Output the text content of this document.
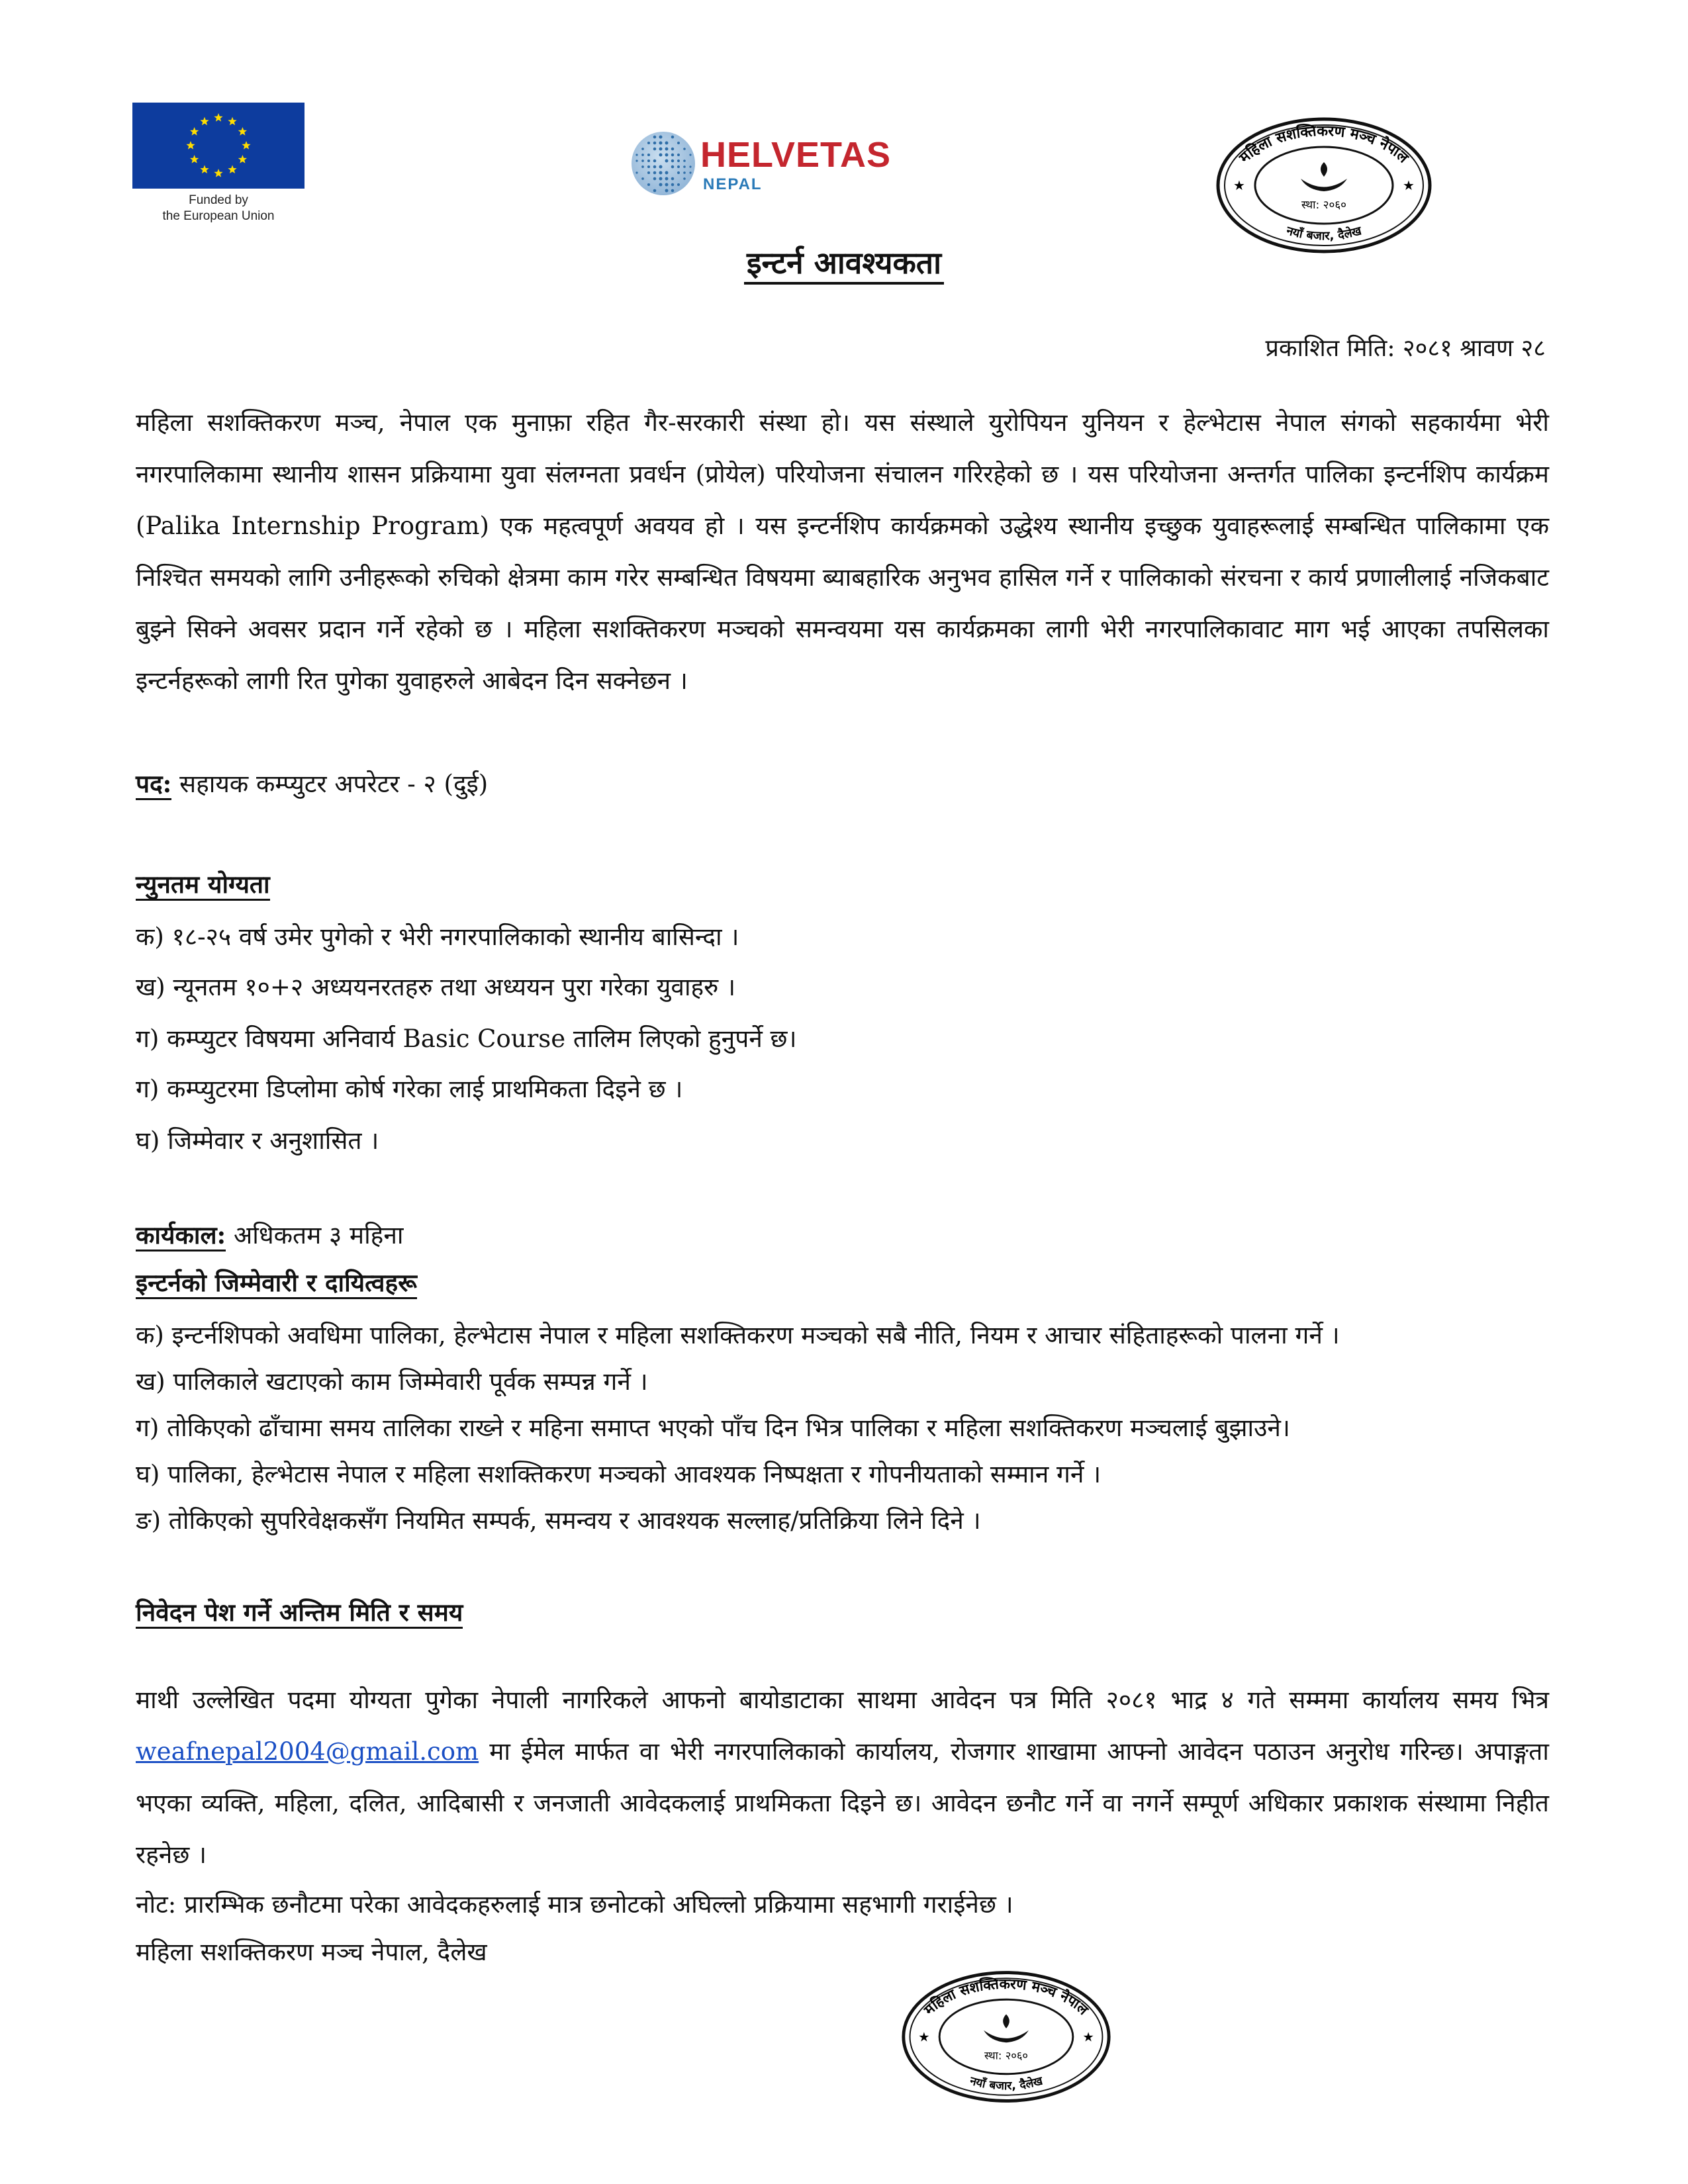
Funded by
the European Union
HELVETAS
NEPAL
महिला सशक्तिकरण मञ्च नेपाल
नयाँ बजार, दैलेख
स्था: २०६०
★	★
इन्टर्न आवश्यकता
प्रकाशित मिति: २०८१ श्रावण २८
महिला सशक्तिकरण मञ्च, नेपाल एक मुनाफ़ा रहित गैर-सरकारी संस्था हो। यस संस्थाले युरोपियन युनियन र हेल्भेटास नेपाल संगको सहकार्यमा भेरी नगरपालिकामा स्थानीय शासन प्रक्रियामा युवा संलग्नता प्रवर्धन (प्रोयेल) परियोजना संचालन गरिरहेको छ । यस परियोजना अन्तर्गत पालिका इन्टर्नशिप कार्यक्रम (Palika Internship Program) एक महत्वपूर्ण अवयव हो । यस इन्टर्नशिप कार्यक्रमको उद्धेश्य स्थानीय इच्छुक युवाहरूलाई सम्बन्धित पालिकामा एक निश्चित समयको लागि उनीहरूको रुचिको क्षेत्रमा काम गरेर सम्बन्धित विषयमा ब्याबहारिक अनुभव हासिल गर्ने र पालिकाको संरचना र कार्य प्रणालीलाई नजिकबाट बुझ्ने सिक्ने अवसर प्रदान गर्ने रहेको छ । महिला सशक्तिकरण मञ्चको समन्वयमा यस कार्यक्रमका लागी भेरी नगरपालिकावाट माग भई आएका तपसिलका इन्टर्नहरूको लागी रित पुगेका युवाहरुले आबेदन दिन सक्नेछन ।
पद: सहायक कम्प्युटर अपरेटर - २ (दुई)
न्युनतम योग्यता
क) १८-२५ वर्ष उमेर पुगेको र भेरी नगरपालिकाको स्थानीय बासिन्दा ।
ख) न्यूनतम १०+२ अध्ययनरतहरु तथा अध्ययन पुरा गरेका युवाहरु ।
ग) कम्प्युटर विषयमा अनिवार्य Basic Course तालिम लिएको हुनुपर्ने छ।
ग) कम्प्युटरमा डिप्लोमा कोर्ष गरेका लाई प्राथमिकता दिइने छ ।
घ) जिम्मेवार र अनुशासित ।
कार्यकाल: अधिकतम ३ महिना
इन्टर्नको जिम्मेवारी र दायित्वहरू
क) इन्टर्नशिपको अवधिमा पालिका, हेल्भेटास नेपाल र महिला सशक्तिकरण मञ्चको सबै नीति, नियम र आचार संहिताहरूको पालना गर्ने ।
ख) पालिकाले खटाएको काम जिम्मेवारी पूर्वक सम्पन्न गर्ने ।
ग) तोकिएको ढाँचामा समय तालिका राख्ने र महिना समाप्त भएको पाँच दिन भित्र पालिका र महिला सशक्तिकरण मञ्चलाई बुझाउने।
घ) पालिका, हेल्भेटास नेपाल र महिला सशक्तिकरण मञ्चको आवश्यक निष्पक्षता र गोपनीयताको सम्मान गर्ने ।
ङ) तोकिएको सुपरिवेक्षकसँग नियमित सम्पर्क, समन्वय र आवश्यक सल्लाह/प्रतिक्रिया लिने दिने ।
निवेदन पेश गर्ने अन्तिम मिति र समय
माथी उल्लेखित पदमा योग्यता पुगेका नेपाली नागरिकले आफनो बायोडाटाका साथमा आवेदन पत्र मिति २०८१ भाद्र ४ गते सम्ममा कार्यालय समय भित्र weafnepal2004@gmail.com मा ईमेल मार्फत वा भेरी नगरपालिकाको कार्यालय, रोजगार शाखामा आफ्नो आवेदन पठाउन अनुरोध गरिन्छ। अपाङ्गता भएका व्यक्ति, महिला, दलित, आदिबासी र जनजाती आवेदकलाई प्राथमिकता दिइने छ। आवेदन छनौट गर्ने वा नगर्ने सम्पूर्ण अधिकार प्रकाशक संस्थामा निहीत रहनेछ ।
नोट: प्रारम्भिक छनौटमा परेका आवेदकहरुलाई मात्र छनोटको अघिल्लो प्रक्रियामा सहभागी गराईनेछ ।
महिला सशक्तिकरण मञ्च नेपाल, दैलेख
महिला सशक्तिकरण मञ्च नेपाल
नयाँ बजार, दैलेख
स्था: २०६०
★	★
